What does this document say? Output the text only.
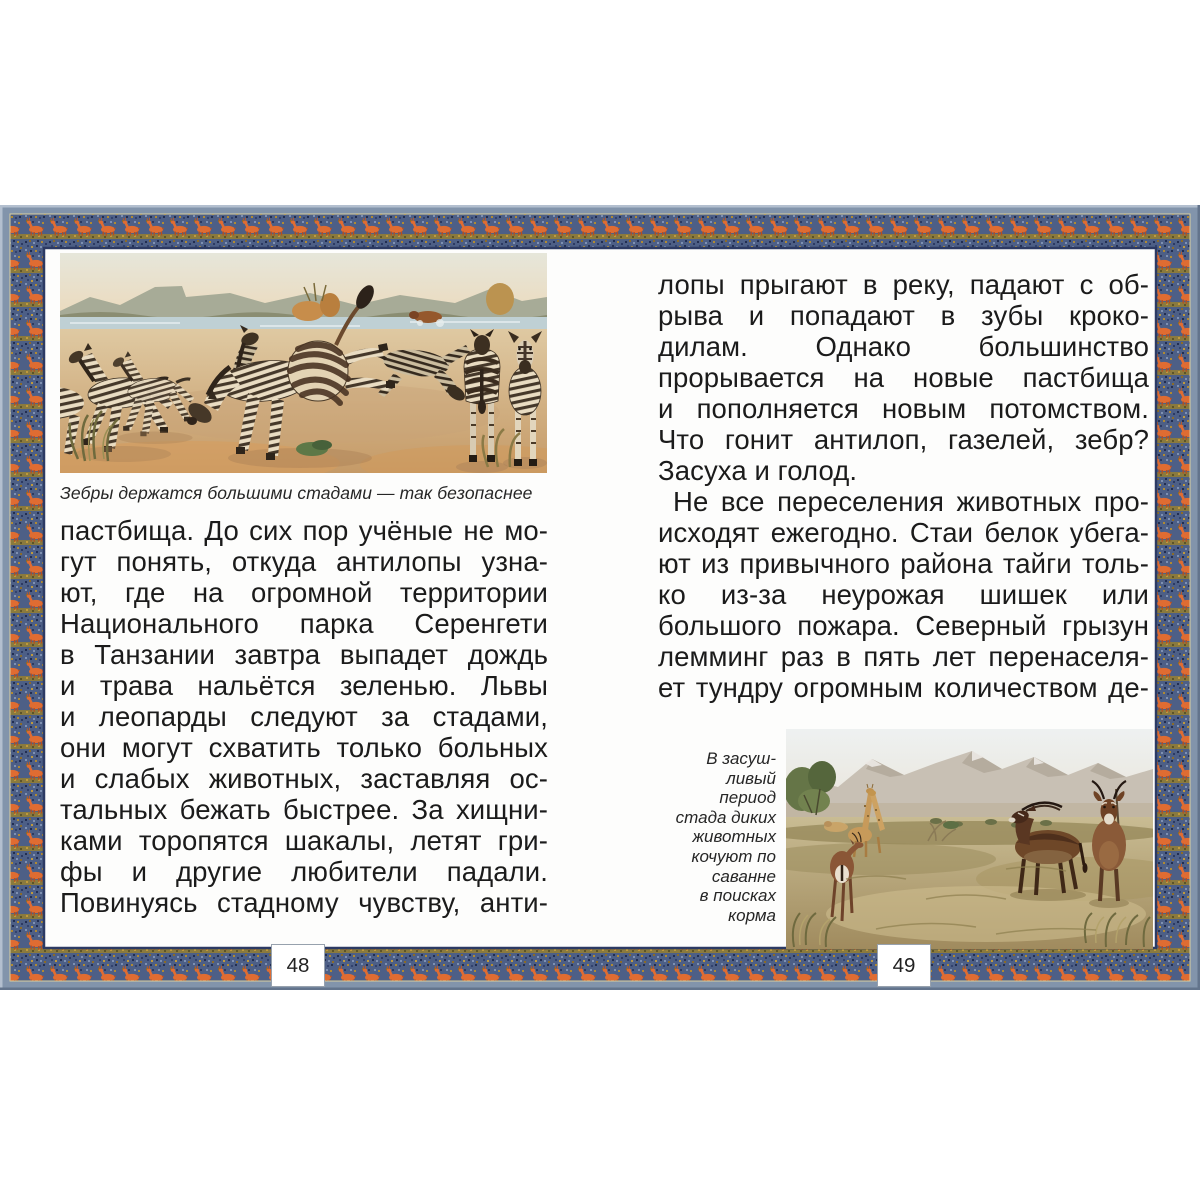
Зебры держатся большими стадами — так безопаснее
пастбища. До сих пор учёные не мо-
гут понять, откуда антилопы узна-
ют, где на огромной территории
Национального парка Серенгети
в Танзании завтра выпадет дождь
и трава нальётся зеленью. Львы
и леопарды следуют за стадами,
они могут схватить только больных
и слабых животных, заставляя ос-
тальных бежать быстрее. За хищни-
ками торопятся шакалы, летят гри-
фы и другие любители падали.
Повинуясь стадному чувству, анти-
лопы прыгают в реку, падают с об-
рыва и попадают в зубы кроко-
дилам. Однако большинство
прорывается на новые пастбища
и пополняется новым потомством.
Что гонит антилоп, газелей, зебр?
Засуха и голод.
Не все переселения животных про-
исходят ежегодно. Стаи белок убега-
ют из привычного района тайги толь-
ко из-за неурожая шишек или
большого пожара. Северный грызун
лемминг раз в пять лет перенаселя-
ет тундру огромным количеством де-
В засуш-
ливый
период
стада диких
животных
кочуют по
саванне
в поисках
корма
48	49
